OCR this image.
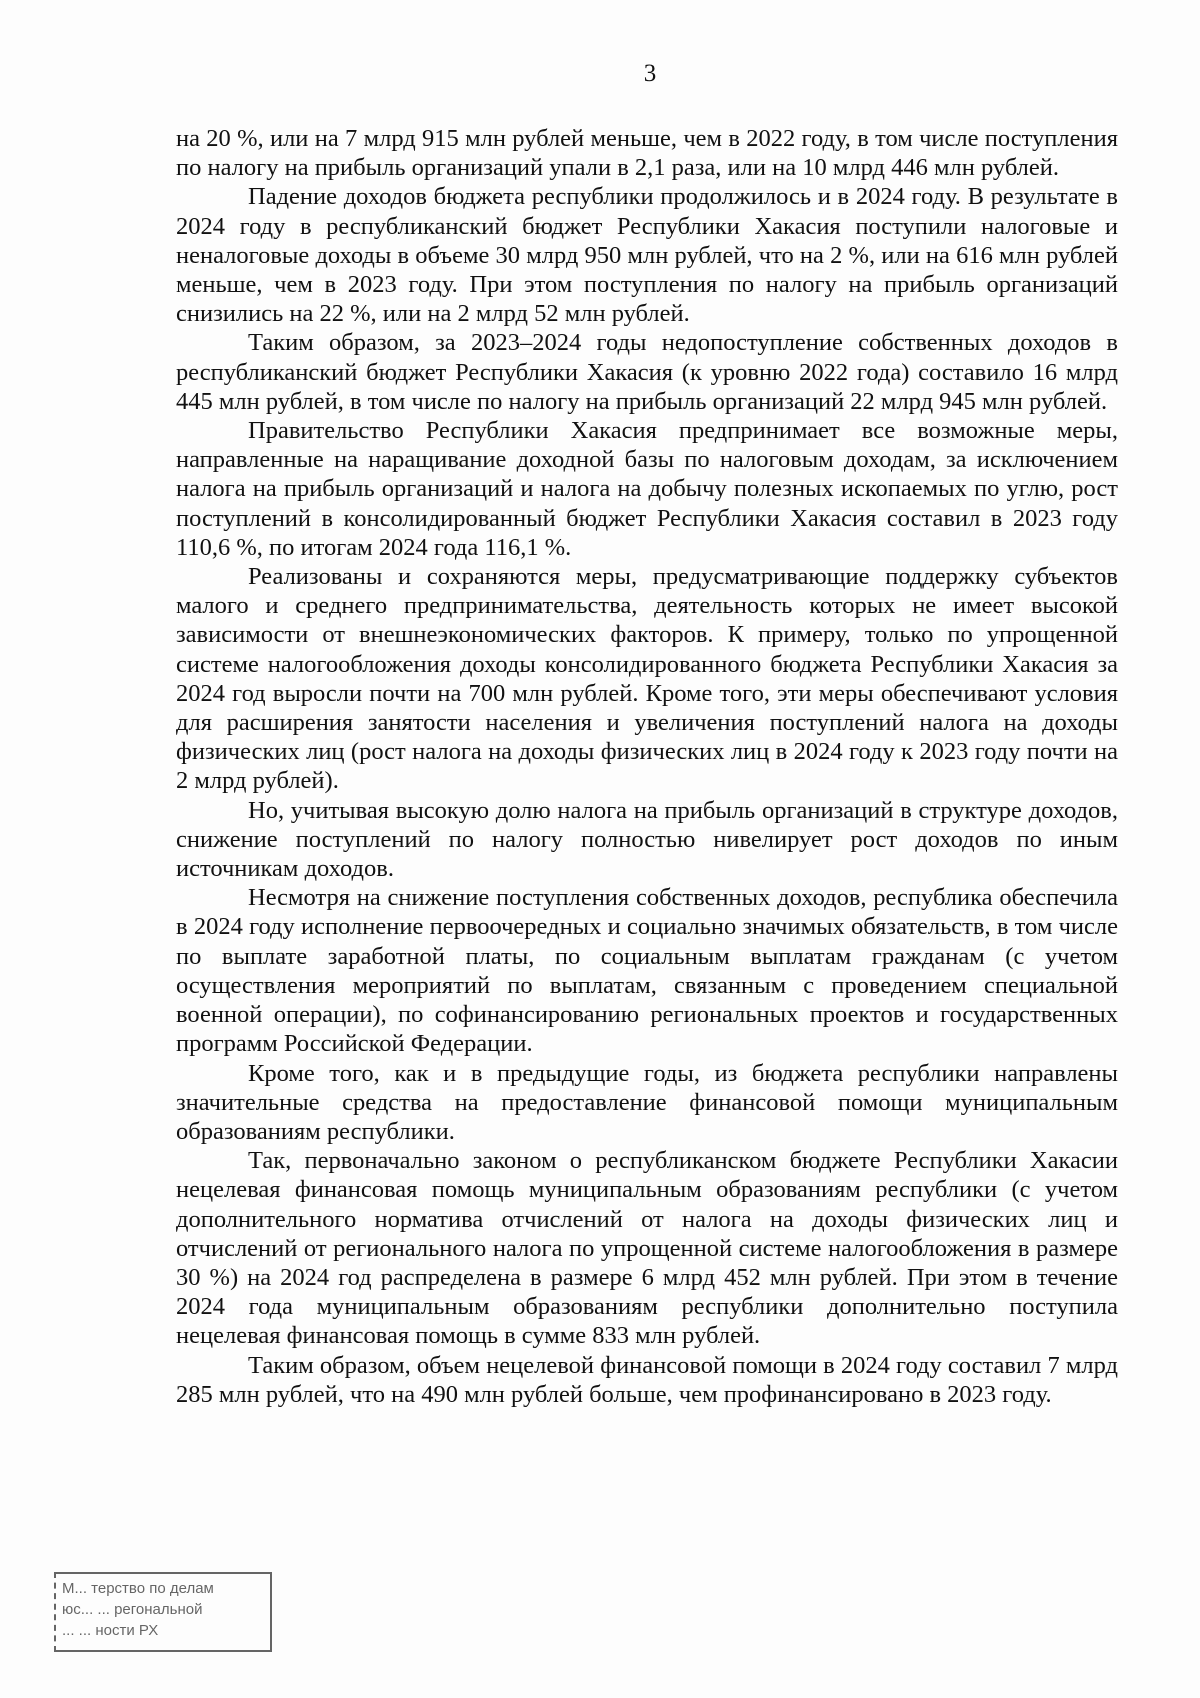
3

на 20 %, или на 7 млрд 915 млн рублей меньше, чем в 2022 году, в том числе поступления по налогу на прибыль организаций упали в 2,1 раза, или на 10 млрд 446 млн рублей.

Падение доходов бюджета республики продолжилось и в 2024 году. В результате в 2024 году в республиканский бюджет Республики Хакасия поступили налоговые и неналоговые доходы в объеме 30 млрд 950 млн рублей, что на 2 %, или на 616 млн рублей меньше, чем в 2023 году. При этом поступления по налогу на прибыль организаций снизились на 22 %, или на 2 млрд 52 млн рублей.

Таким образом, за 2023–2024 годы недопоступление собственных доходов в республиканский бюджет Республики Хакасия (к уровню 2022 года) составило 16 млрд 445 млн рублей, в том числе по налогу на прибыль организаций 22 млрд 945 млн рублей.

Правительство Республики Хакасия предпринимает все возможные меры, направленные на наращивание доходной базы по налоговым доходам, за исключением налога на прибыль организаций и налога на добычу полезных ископаемых по углю, рост поступлений в консолидированный бюджет Республики Хакасия составил в 2023 году 110,6 %, по итогам 2024 года 116,1 %.

Реализованы и сохраняются меры, предусматривающие поддержку субъектов малого и среднего предпринимательства, деятельность которых не имеет высокой зависимости от внешнеэкономических факторов. К примеру, только по упрощенной системе налогообложения доходы консолидированного бюджета Республики Хакасия за 2024 год выросли почти на 700 млн рублей. Кроме того, эти меры обеспечивают условия для расширения занятости населения и увеличения поступлений налога на доходы физических лиц (рост налога на доходы физических лиц в 2024 году к 2023 году почти на 2 млрд рублей).

Но, учитывая высокую долю налога на прибыль организаций в структуре доходов, снижение поступлений по налогу полностью нивелирует рост доходов по иным источникам доходов.

Несмотря на снижение поступления собственных доходов, республика обеспечила в 2024 году исполнение первоочередных и социально значимых обязательств, в том числе по выплате заработной платы, по социальным выплатам гражданам (с учетом осуществления мероприятий по выплатам, связанным с проведением специальной военной операции), по софинансированию региональных проектов и государственных программ Российской Федерации.

Кроме того, как и в предыдущие годы, из бюджета республики направлены значительные средства на предоставление финансовой помощи муниципальным образованиям республики.

Так, первоначально законом о республиканском бюджете Республики Хакасии нецелевая финансовая помощь муниципальным образованиям республики (с учетом дополнительного норматива отчислений от налога на доходы физических лиц и отчислений от регионального налога по упрощенной системе налогообложения в размере 30 %) на 2024 год распределена в размере 6 млрд 452 млн рублей. При этом в течение 2024 года муниципальным образованиям республики дополнительно поступила нецелевая финансовая помощь в сумме 833 млн рублей.

Таким образом, объем нецелевой финансовой помощи в 2024 году составил 7 млрд 285 млн рублей, что на 490 млн рублей больше, чем профинансировано в 2023 году.

М... терство по делам
юс... ... регональной
... ... ности РХ
